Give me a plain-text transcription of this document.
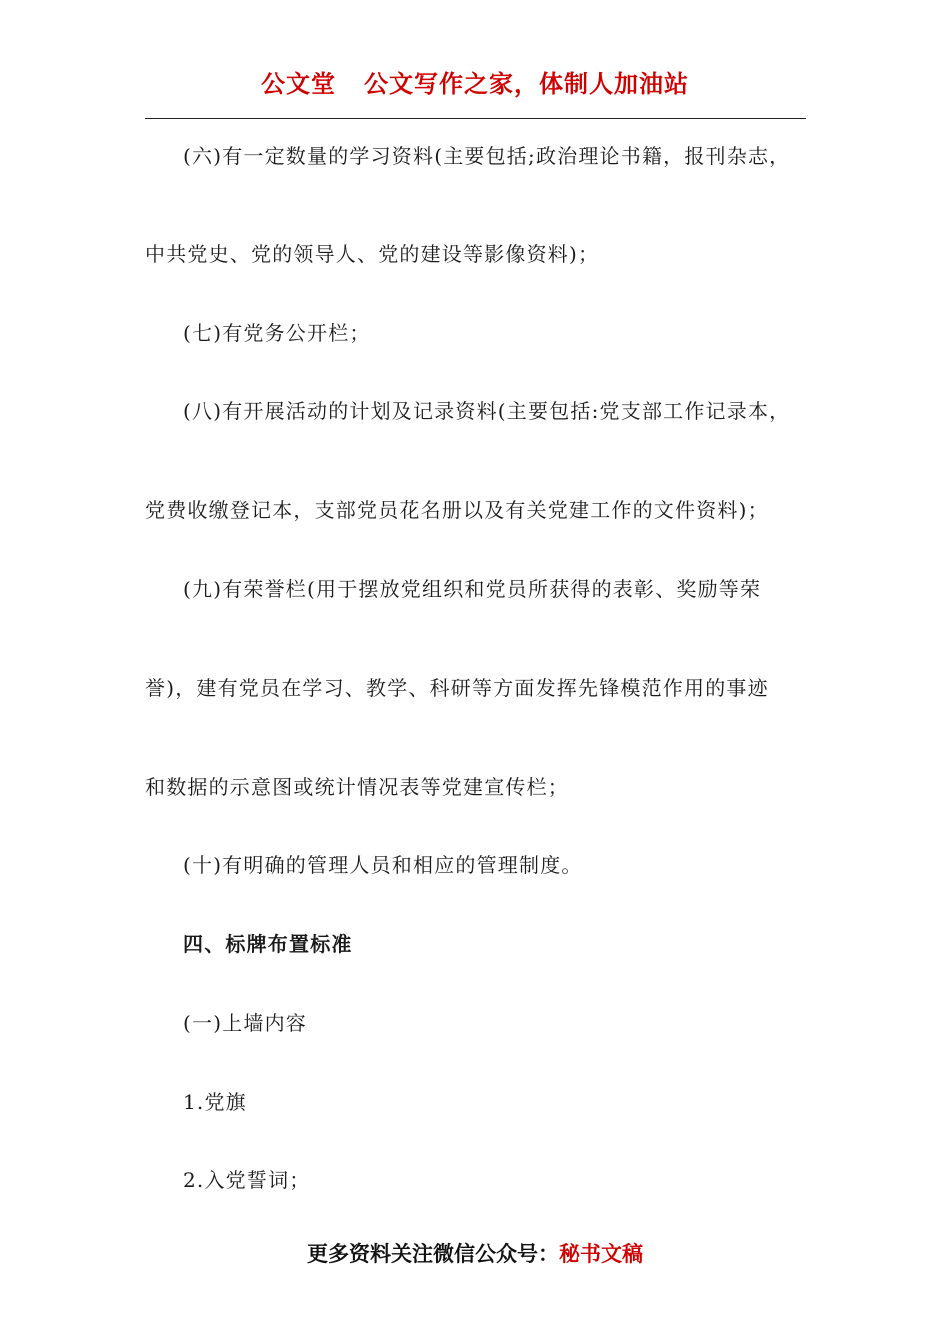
公文堂   公文写作之家，体制人加油站
(六)有一定数量的学习资料(主要包括;政治理论书籍，报刊杂志，
中共党史、党的领导人、党的建设等影像资料)；
(七)有党务公开栏；
(八)有开展活动的计划及记录资料(主要包括:党支部工作记录本，
党费收缴登记本，支部党员花名册以及有关党建工作的文件资料)；
(九)有荣誉栏(用于摆放党组织和党员所获得的表彰、奖励等荣
誉)，建有党员在学习、教学、科研等方面发挥先锋模范作用的事迹
和数据的示意图或统计情况表等党建宣传栏；
(十)有明确的管理人员和相应的管理制度。
四、标牌布置标准
(一)上墙内容
1.党旗
2.入党誓词；
更多资料关注微信公众号：秘书文稿
